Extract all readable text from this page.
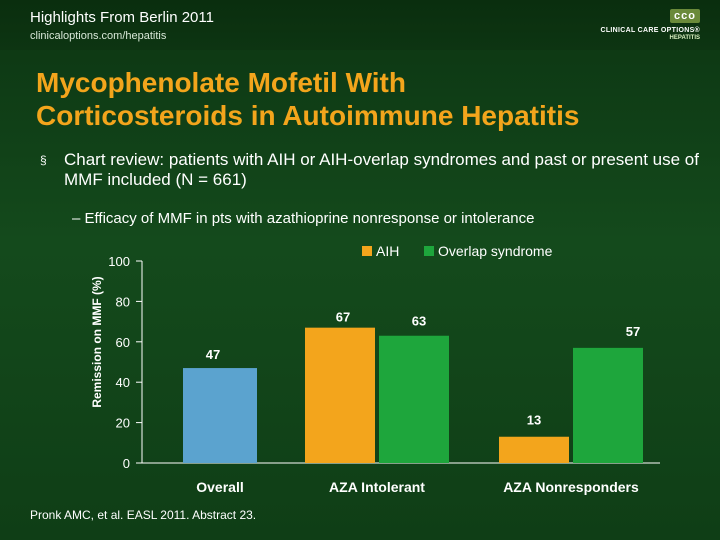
Highlights From Berlin 2011
clinicaloptions.com/hepatitis
cco
CLINICAL CARE OPTIONS®
HEPATITIS
Mycophenolate Mofetil With
Corticosteroids in Autoimmune Hepatitis
§	Chart review: patients with AIH or AIH-overlap syndromes and past or present use of MMF included (N = 661)
– Efficacy of MMF in pts with azathioprine nonresponse or intolerance
0
20
40
60
80
100
Remission on MMF (%)
Overall	AZA Intolerant	AZA Nonresponders
47
67
13
63
57
AIH	Overlap syndrome
Pronk AMC, et al. EASL 2011. Abstract 23.
